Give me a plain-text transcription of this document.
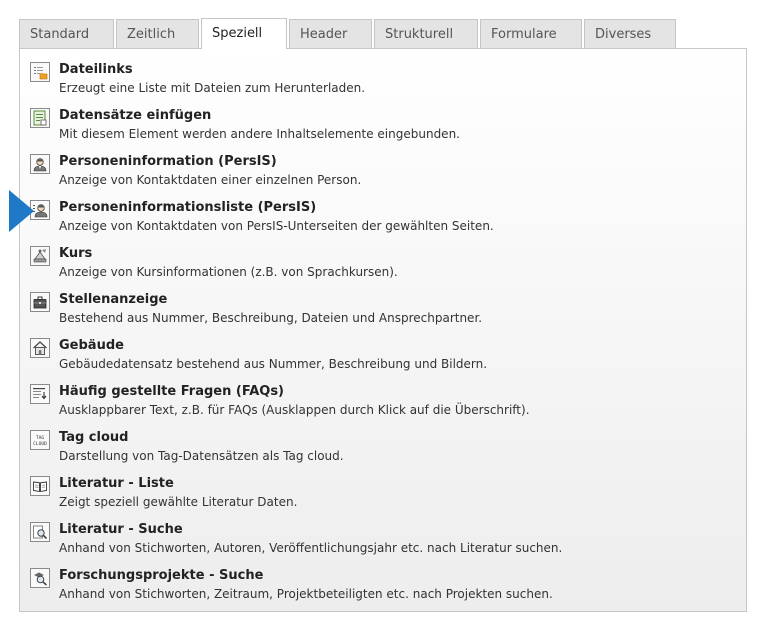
Standard	Zeitlich	Speziell	Header	Strukturell	Formulare	Diverses
Dateilinks
Erzeugt eine Liste mit Dateien zum Herunterladen.
Datensätze einfügen
Mit diesem Element werden andere Inhaltselemente eingebunden.
Personeninformation (PersIS)
Anzeige von Kontaktdaten einer einzelnen Person.
Personeninformationsliste (PersIS)
Anzeige von Kontaktdaten von PersIS-Unterseiten der gewählten Seiten.
Kurs
Anzeige von Kursinformationen (z.B. von Sprachkursen).
Stellenanzeige
Bestehend aus Nummer, Beschreibung, Dateien und Ansprechpartner.
Gebäude
Gebäudedatensatz bestehend aus Nummer, Beschreibung und Bildern.
Häufig gestellte Fragen (FAQs)
Ausklappbarer Text, z.B. für FAQs (Ausklappen durch Klick auf die Überschrift).
TAG
CLOUD Tag cloud
Darstellung von Tag-Datensätzen als Tag cloud.
Literatur - Liste
Zeigt speziell gewählte Literatur Daten.
Literatur - Suche
Anhand von Stichworten, Autoren, Veröffentlichungsjahr etc. nach Literatur suchen.
Forschungsprojekte - Suche
Anhand von Stichworten, Zeitraum, Projektbeteiligten etc. nach Projekten suchen.
